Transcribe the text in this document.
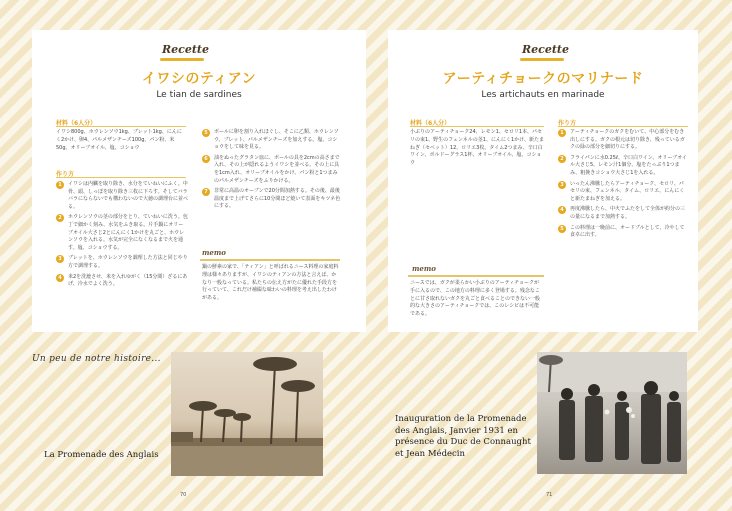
Recette
イワシのティアン
Le tian de sardines
材料（6人分）
イワシ800g、ホウレンソウ1kg、ブレット1kg、にんにく2かけ、卵4、パルメザンチーズ100g、パン粉、米50g、オリーブオイル、塩、コショウ
作り方
1	イワシは内臓を取り除き、水分をていねいにふく。中骨、頭、しっぽを取り除き三枚に下ろす。そしてバラバラにならないでも構わないので大徳の調理台に並べる。
2	ホウレンソウの茎の部分をとり、ていねいに洗う。包丁で細かく刻み、水気をふき取る。片手鍋にオリーブオイル大さじ2とにんにく1かけを丸ごと、ホウレンソウを入れる。水気が完全になくなるまで火を通す。塩、コショウする。
3	ブレットを、ホウレンソウを調理した方法と同じやり方で調理する。
4	米2を洗漉させ、米を入れゆがく（15分間）ざるにあげ、冷水でよく洗う。
5	ボールに卵を割り入れほぐし、そこに乙類、ホウレンソウ、ブレット、パルメザンチーズを加えする。塩、コショウをして味を見る。
6	油をぬったグラタン皿に、ボールの具を2cmの高さまで入れ、その上が隠れるようイワシを並べる。その上に具を1cm入れ、オリーブオイルをかけ、パン粉と1つまみのパルメザンチーズをふりかける。
7	非常に高温のオーブンで20分間加熱する。その後、最後温度まで上げてさらに10分間ほど焼いて表面をキツネ色にする。
memo
鍋の鮮素の家で、「ティアン」と呼ばれるニース料理の家庭料理は様々ありますが、イワシのティアンの方法と言えば、かなり一般なっている。私たちの伝え方がたに優れた手段方を行っていて、これだけ補綴な味わいの料理を考え出したわけがある。
Recette
アーティチョークのマリナード
Les artichauts en marinade
材料（6人分）
小ぶりのアーティチョーク24、レモン1、セロリ1本、パセリの束1、野生のフェンネルの茎1、にんにく1かけ、新たまねぎ（セベット）12、ロリエ3枚、タイム2つまみ、辛口白ワイン、ボルドーグラス1杯、オリーブオイル、塩、コショウ
作り方
1	アーティチョークのガクをむいて、中心部分をむき出しにする。ガクの根元は切り除き、残っているガクの緑の部分を細切りにする。
2	フライパンに水0.25ℓ、辛口白ワイン、オリーブオイル大さじ5、レモン汁1個分、塩をたっぷり1つまみ、粗挽きコショウ大さじ1を入れる。
3	いったん沸騰したらアーティチョーク、セロリ、パセリの束、フェンネル、タイム、ロリエ、にんにくと新たまねぎを加える。
4	再度沸騰したら、中火でふたをして全体が約分の三の量になるまで加熱する。
5	この料理は一晩前に、オードブルとして、冷やして食卓に出す。
memo
ニースでは、ガクが柔らかい小ぶりのアーティチョークが手に入るので、この地方の料理に多く登場する。残念なことに甘さ取れないガクを丸ごと食べることのできない一般的な大きさのアーティチョークでは、このレシピは不可能である。
Un peu de notre histoire...
La Promenade des Anglais
Inauguration de la Promenade des Anglais, Janvier 1931 en présence du Duc de Connaught et Jean Médecin
70	71
